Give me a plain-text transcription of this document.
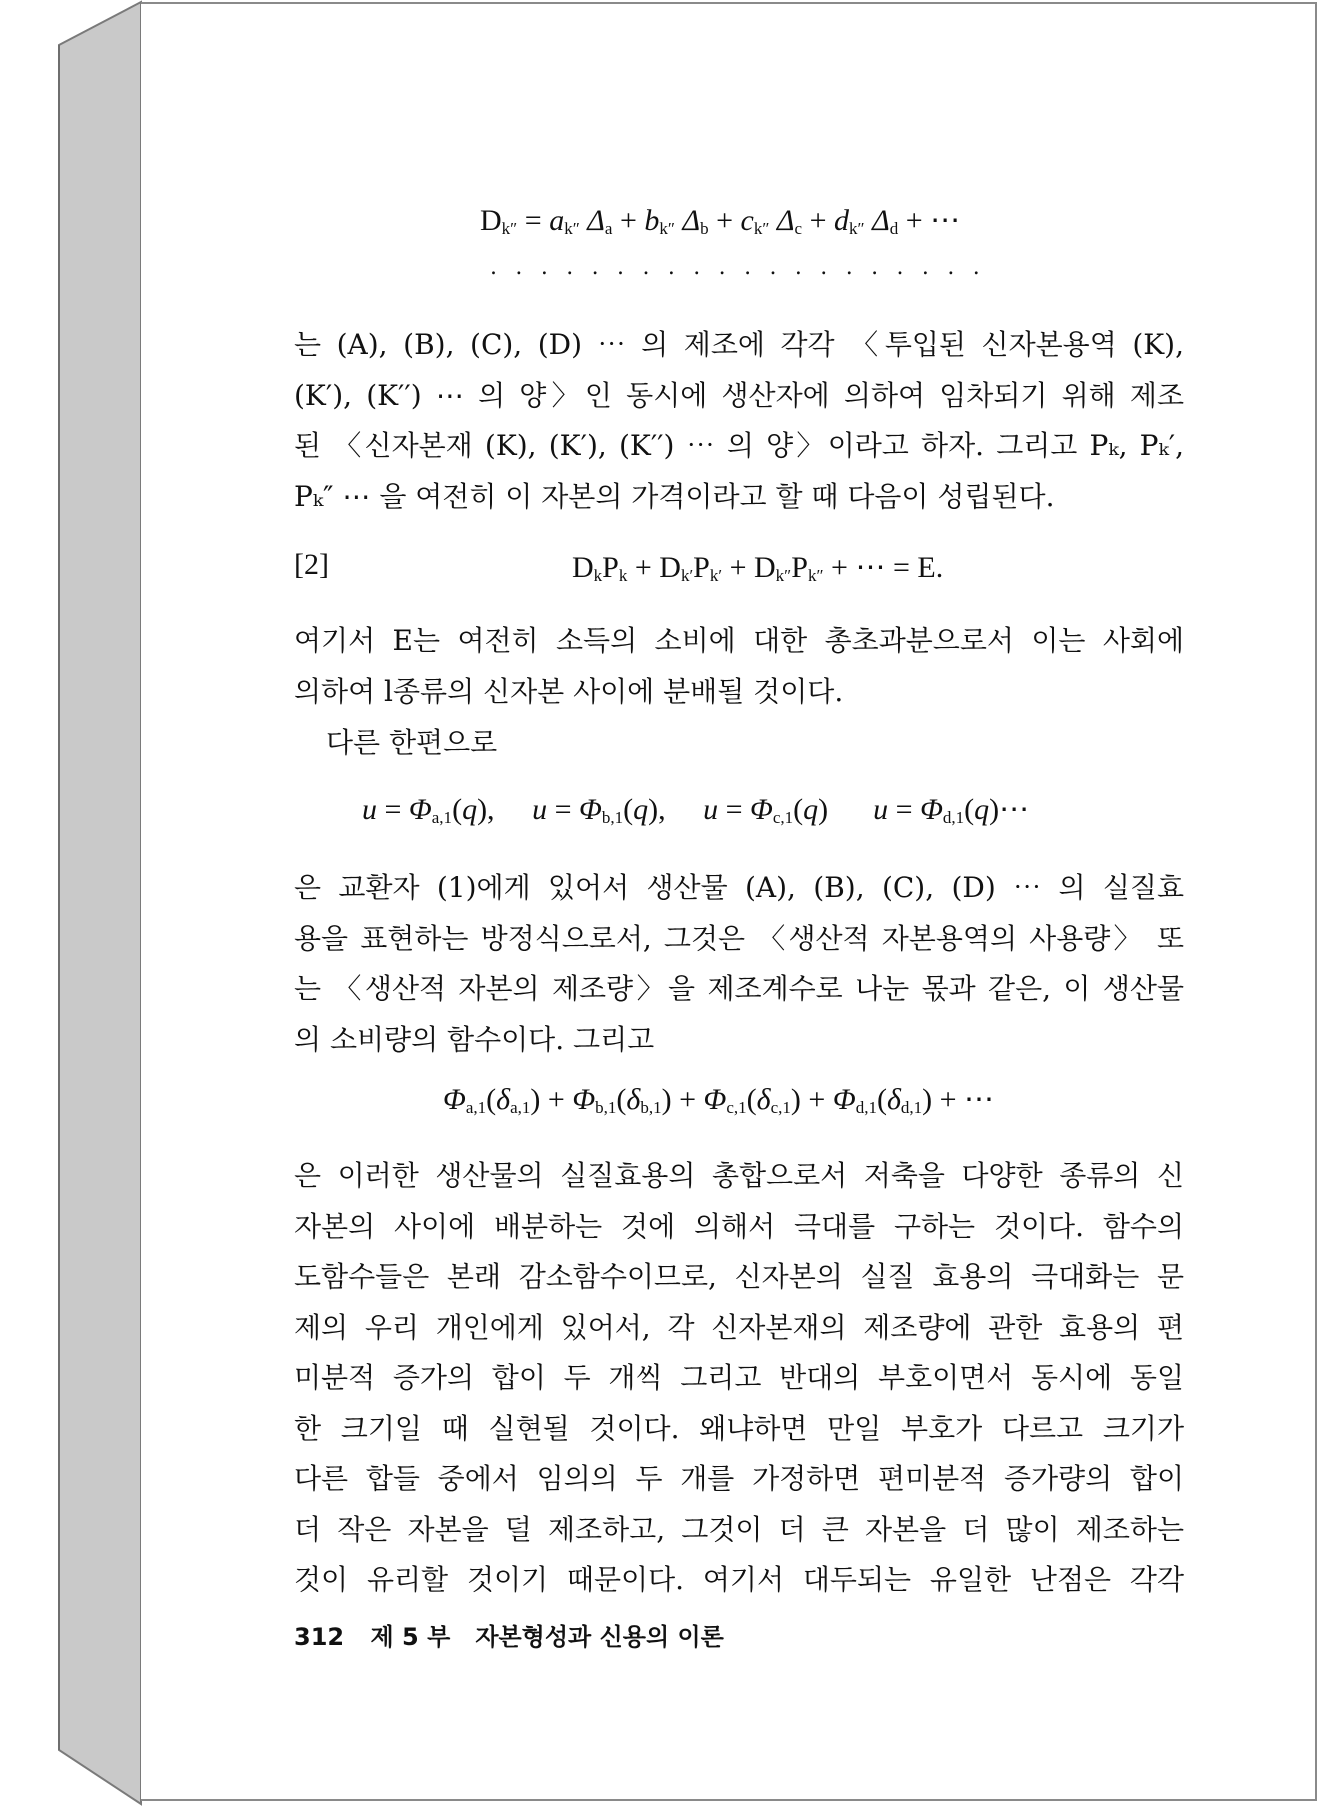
$D_{k''} = a_{k''}$ $\Delta_a + b_{k''}$ $\Delta_b + c_{k''}$ $\Delta_c + d_{k''}$ $\Delta_d$ + ⋯
. . . . . . . . . . . . . . . . . . . .
는 (A), (B), (C), (D) ⋯ 의 제조에 각각 〈투입된 신자본용역 (K),
(K′), (K′′) ⋯ 의 양〉인 동시에 생산자에 의하여 임차되기 위해 제조
된 〈신자본재 (K), (K′), (K′′) ⋯ 의 양〉이라고 하자. 그리고 Pₖ, Pₖ′,
Pₖ″ ⋯ 을 여전히 이 자본의 가격이라고 할 때 다음이 성립된다.
[2]	$D_kP_k + D_{k'}P_{k'} + D_{k''}P_{k''}$ + ⋯ = E.
여기서 E는 여전히 소득의 소비에 대한 총초과분으로서 이는 사회에
의하여 l종류의 신자본 사이에 분배될 것이다.
다른 한편으로
$u = \Phi_{a,1}(q)$,     $u = \Phi_{b,1}(q)$,     $u = \Phi_{c,1}(q)$      $u = \Phi_{d,1}(q)\cdots$
은 교환자 (1)에게 있어서 생산물 (A), (B), (C), (D) ⋯ 의 실질효
용을 표현하는 방정식으로서, 그것은 〈생산적 자본용역의 사용량〉 또
는 〈생산적 자본의 제조량〉을 제조계수로 나눈 몫과 같은, 이 생산물
의 소비량의 함수이다. 그리고
$\Phi_{a,1}(\delta_{a,1}) + \Phi_{b,1}(\delta_{b,1}) + \Phi_{c,1}(\delta_{c,1}) + \Phi_{d,1}(\delta_{d,1})$ + ⋯
은 이러한 생산물의 실질효용의 총합으로서 저축을 다양한 종류의 신
자본의 사이에 배분하는 것에 의해서 극대를 구하는 것이다. 함수의
도함수들은 본래 감소함수이므로, 신자본의 실질 효용의 극대화는 문
제의 우리 개인에게 있어서, 각 신자본재의 제조량에 관한 효용의 편
미분적 증가의 합이 두 개씩 그리고 반대의 부호이면서 동시에 동일
한 크기일 때 실현될 것이다. 왜냐하면 만일 부호가 다르고 크기가
다른 합들 중에서 임의의 두 개를 가정하면 편미분적 증가량의 합이
더 작은 자본을 덜 제조하고, 그것이 더 큰 자본을 더 많이 제조하는
것이 유리할 것이기 때문이다. 여기서 대두되는 유일한 난점은 각각
312 제 5 부   자본형성과 신용의 이론
